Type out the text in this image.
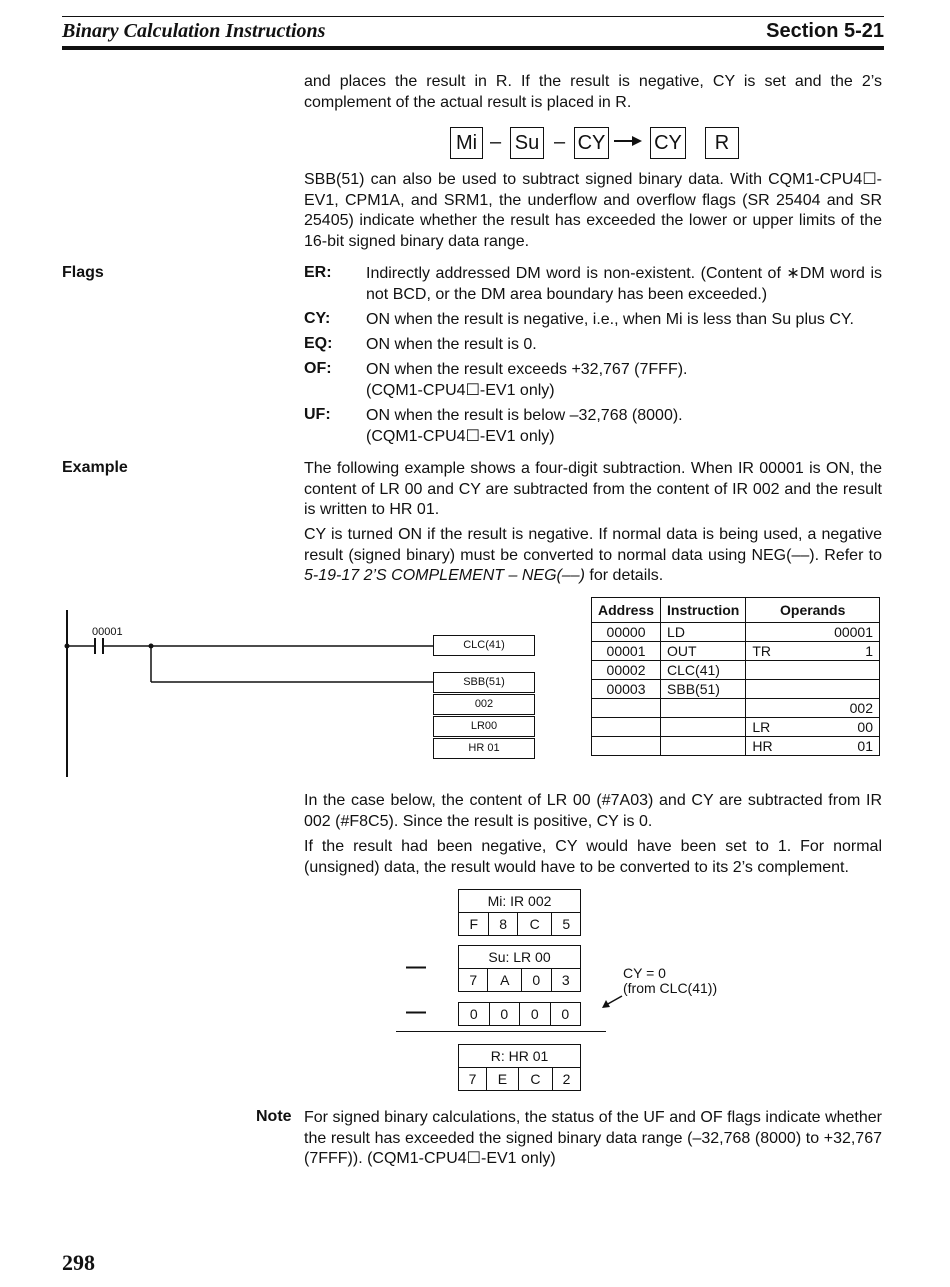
Binary Calculation Instructions	Section 5-21

and places the result in R. If the result is negative, CY is set and the 2’s complement of the actual result is placed in R.

Mi – Su – CY CY	R

SBB(51) can also be used to subtract signed binary data. With CQM1-CPU4☐-EV1, CPM1A, and SRM1, the underflow and overflow flags (SR 25404 and SR 25405) indicate whether the result has exceeded the lower or upper limits of the 16-bit signed binary data range.

Flags	ER: Indirectly addressed DM word is non-existent. (Content of ∗DM word is not BCD, or the DM area boundary has been exceeded.)
CY: ON when the result is negative, i.e., when Mi is less than Su plus CY.
EQ: ON when the result is 0.
OF: ON when the result exceeds +32,767 (7FFF).
(CQM1-CPU4☐-EV1 only)
UF: ON when the result is below –32,768 (8000).
(CQM1-CPU4☐-EV1 only)
Example	The following example shows a four-digit subtraction. When IR 00001 is ON, the content of LR 00 and CY are subtracted from the content of IR 002 and the result is written to HR 01.

CY is turned ON if the result is negative. If normal data is being used, a negative result (signed binary) must be converted to normal data using NEG(––). Refer to 5-19-17 2’S COMPLEMENT – NEG(––) for details.

00001
CLC(41)
SBB(51)
002
LR00
HR 01
Address	Instruction	Operands	
00000	LD		00001
00001	OUT	TR	1
00002	CLC(41)		
00003	SBB(51)		
			002
		LR	00
		HR	01

In the case below, the content of LR 00 (#7A03) and CY are subtracted from IR 002 (#F8C5). Since the result is positive, CY is 0.

If the result had been negative, CY would have been set to 1. For normal (unsigned) data, the result would have to be converted to its 2’s complement.

Mi: IR 002
F	8	C	5
—	Su: LR 00
7	A	0	3	CY = 0
(from CLC(41))
—	0	0	0	0
R: HR 01
7	E	C	2
Note For signed binary calculations, the status of the UF and OF flags indicate whether the result has exceeded the signed binary data range (–32,768 (8000) to +32,767 (7FFF)). (CQM1-CPU4☐-EV1 only)

298
